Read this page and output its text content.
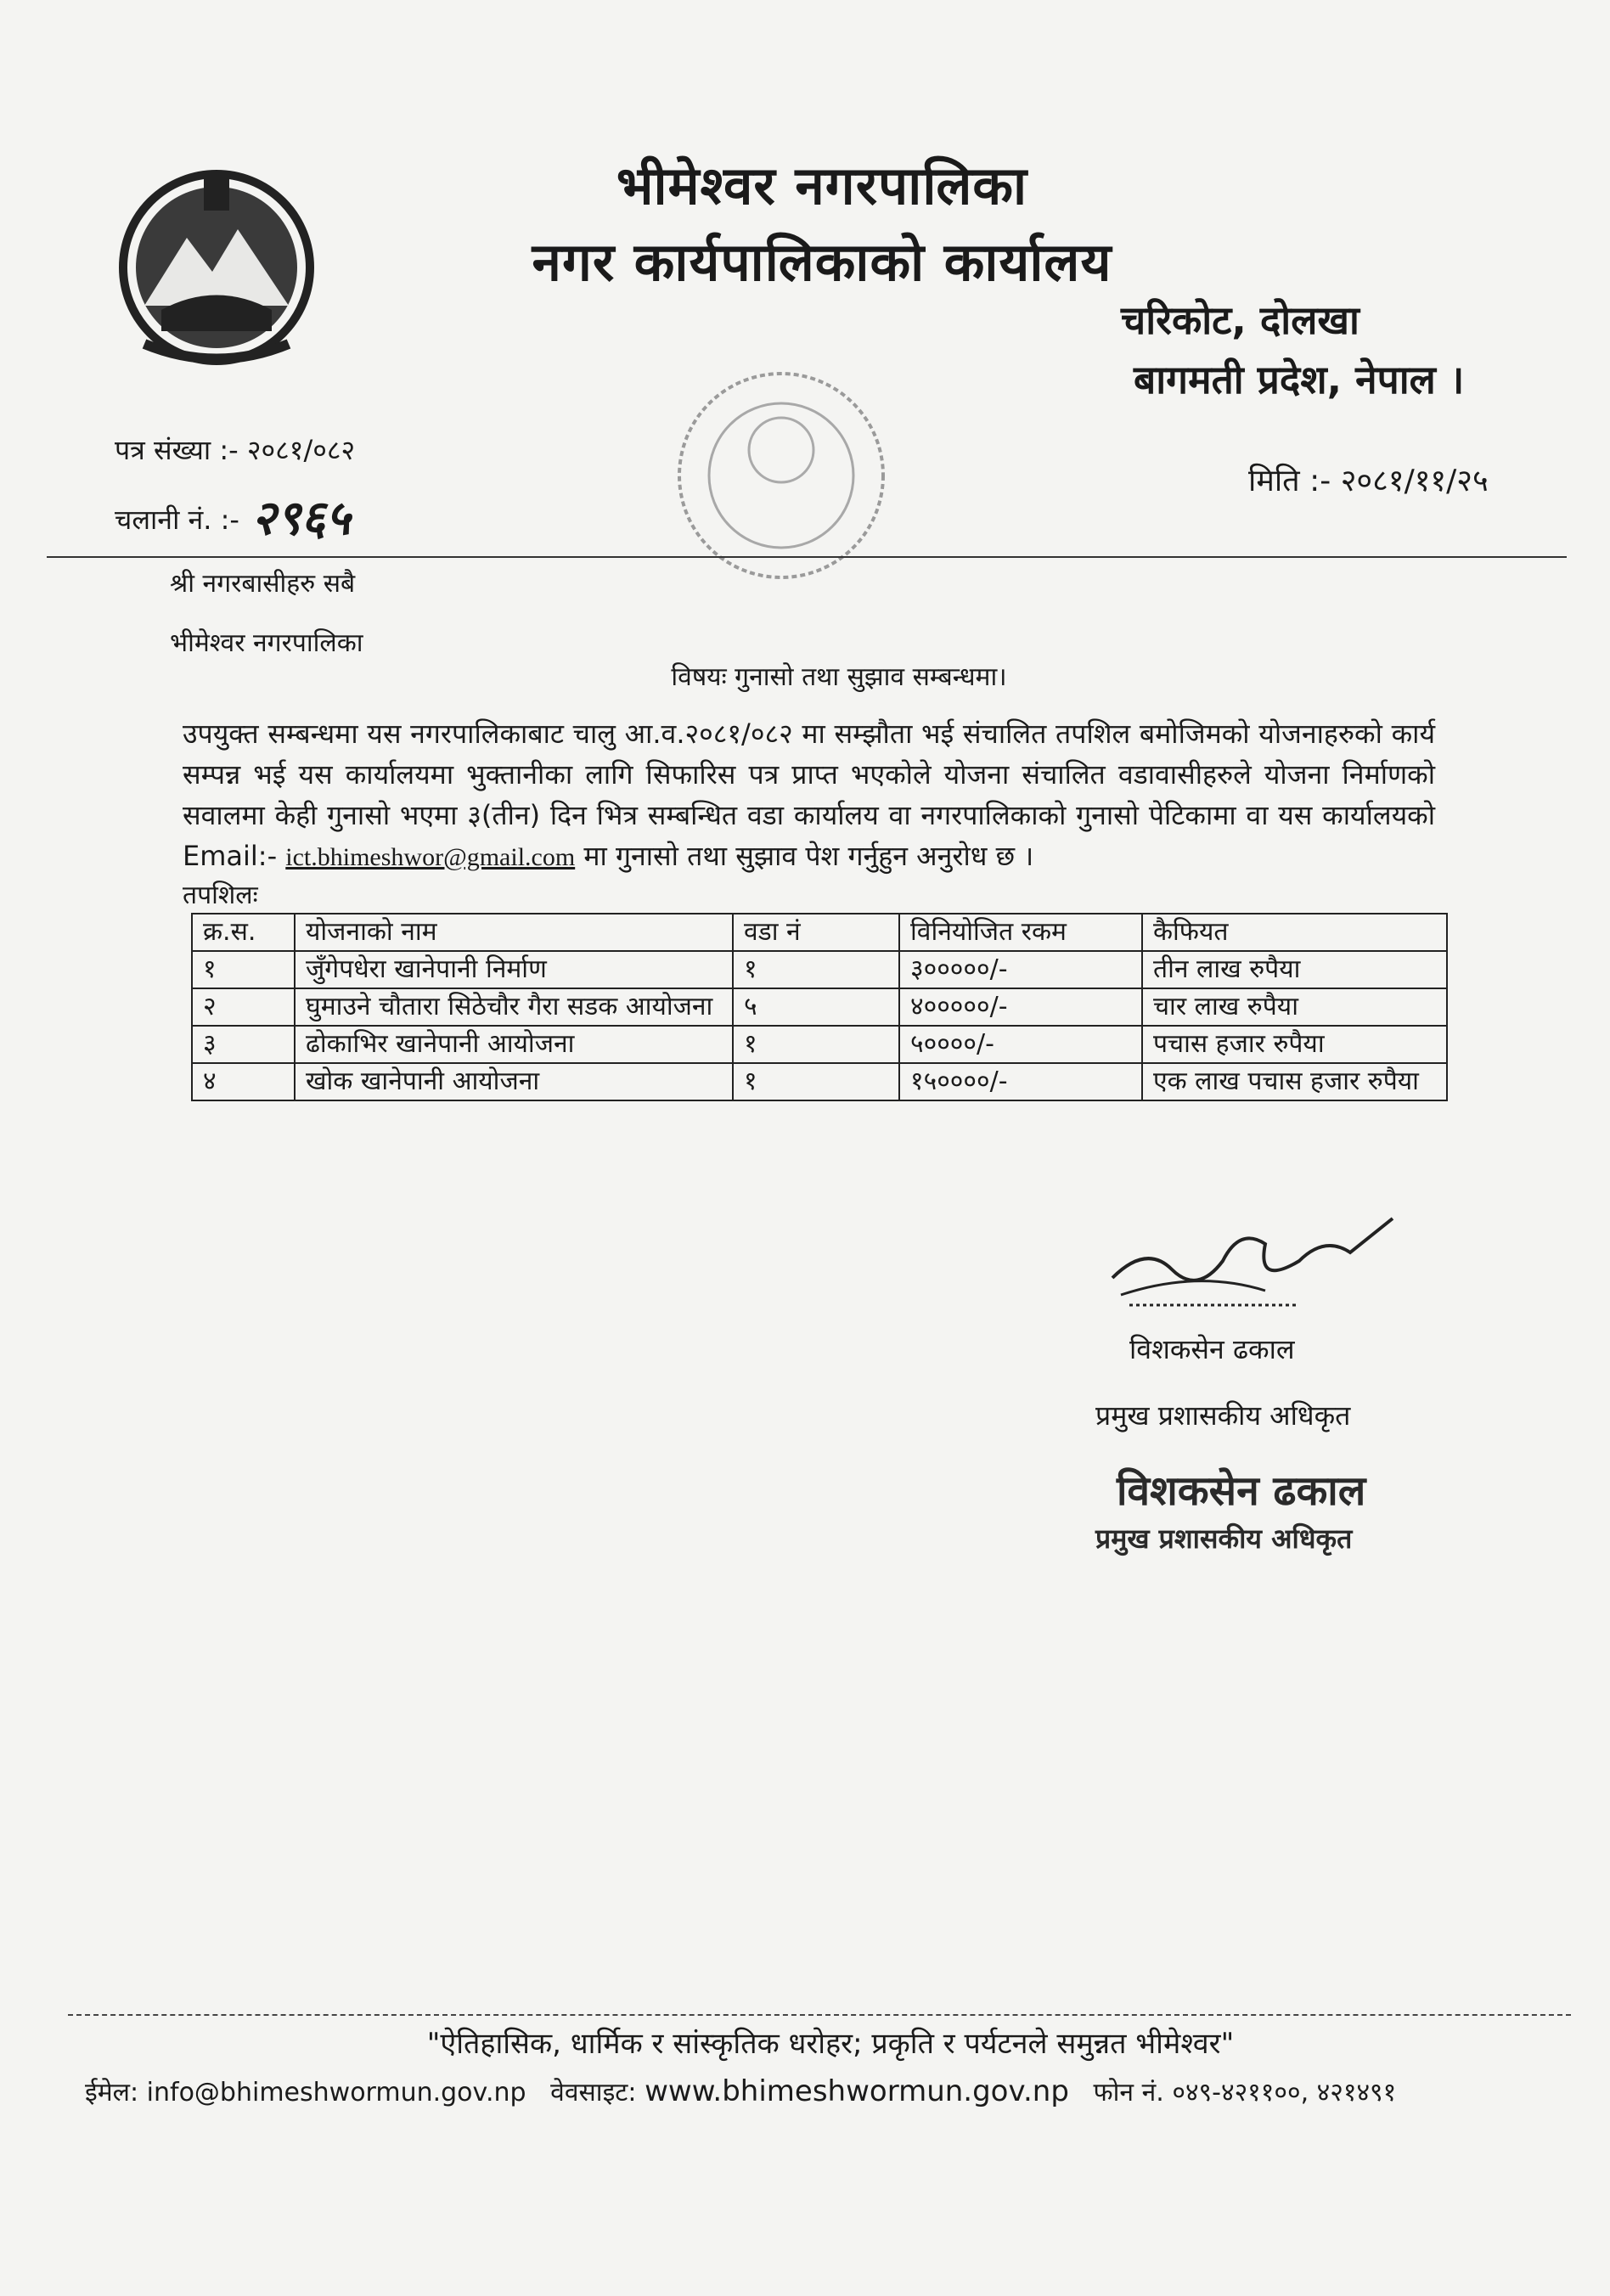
भीमेश्वर नगरपालिका
नगर कार्यपालिकाको कार्यालय
चरिकोट, दोलखा
बागमती प्रदेश, नेपाल ।
पत्र संख्या :- २०८१/०८२
चलानी नं. :- २९६५
मिति :- २०८१/११/२५
श्री नगरबासीहरु सबै
भीमेश्वर नगरपालिका
विषयः गुनासो तथा सुझाव सम्बन्धमा।
उपयुक्त सम्बन्धमा यस नगरपालिकाबाट चालु आ.व.२०८१/०८२ मा सम्झौता भई संचालित तपशिल बमोजिमको योजनाहरुको कार्य सम्पन्न भई यस कार्यालयमा भुक्तानीका लागि सिफारिस पत्र प्राप्त भएकोले योजना संचालित वडावासीहरुले योजना निर्माणको सवालमा केही गुनासो भएमा ३(तीन) दिन भित्र सम्बन्धित वडा कार्यालय वा नगरपालिकाको गुनासो पेटिकामा वा यस कार्यालयको Email:- ict.bhimeshwor@gmail.com मा गुनासो तथा सुझाव पेश गर्नुहुन अनुरोध छ ।
तपशिलः
क्र.स.	योजनाको नाम	वडा नं	विनियोजित रकम	कैफियत
१	जुँगेपधेरा खानेपानी निर्माण	१	३०००००/-	तीन लाख रुपैया
२	घुमाउने चौतारा सिठेचौर गैरा सडक आयोजना	५	४०००००/-	चार लाख रुपैया
३	ढोकाभिर खानेपानी आयोजना	१	५००००/-	पचास हजार रुपैया
४	खोक खानेपानी आयोजना	१	१५००००/-	एक लाख पचास हजार रुपैया
विशकसेन ढकाल
प्रमुख प्रशासकीय अधिकृत
विशकसेन ढकाल
प्रमुख प्रशासकीय अधिकृत
"ऐतिहासिक, धार्मिक र सांस्कृतिक धरोहर; प्रकृति र पर्यटनले समुन्नत भीमेश्वर"
ईमेल: info@bhimeshwormun.gov.np वेवसाइट: www.bhimeshwormun.gov.np फोन नं. ०४९-४२११००, ४२१४९१
